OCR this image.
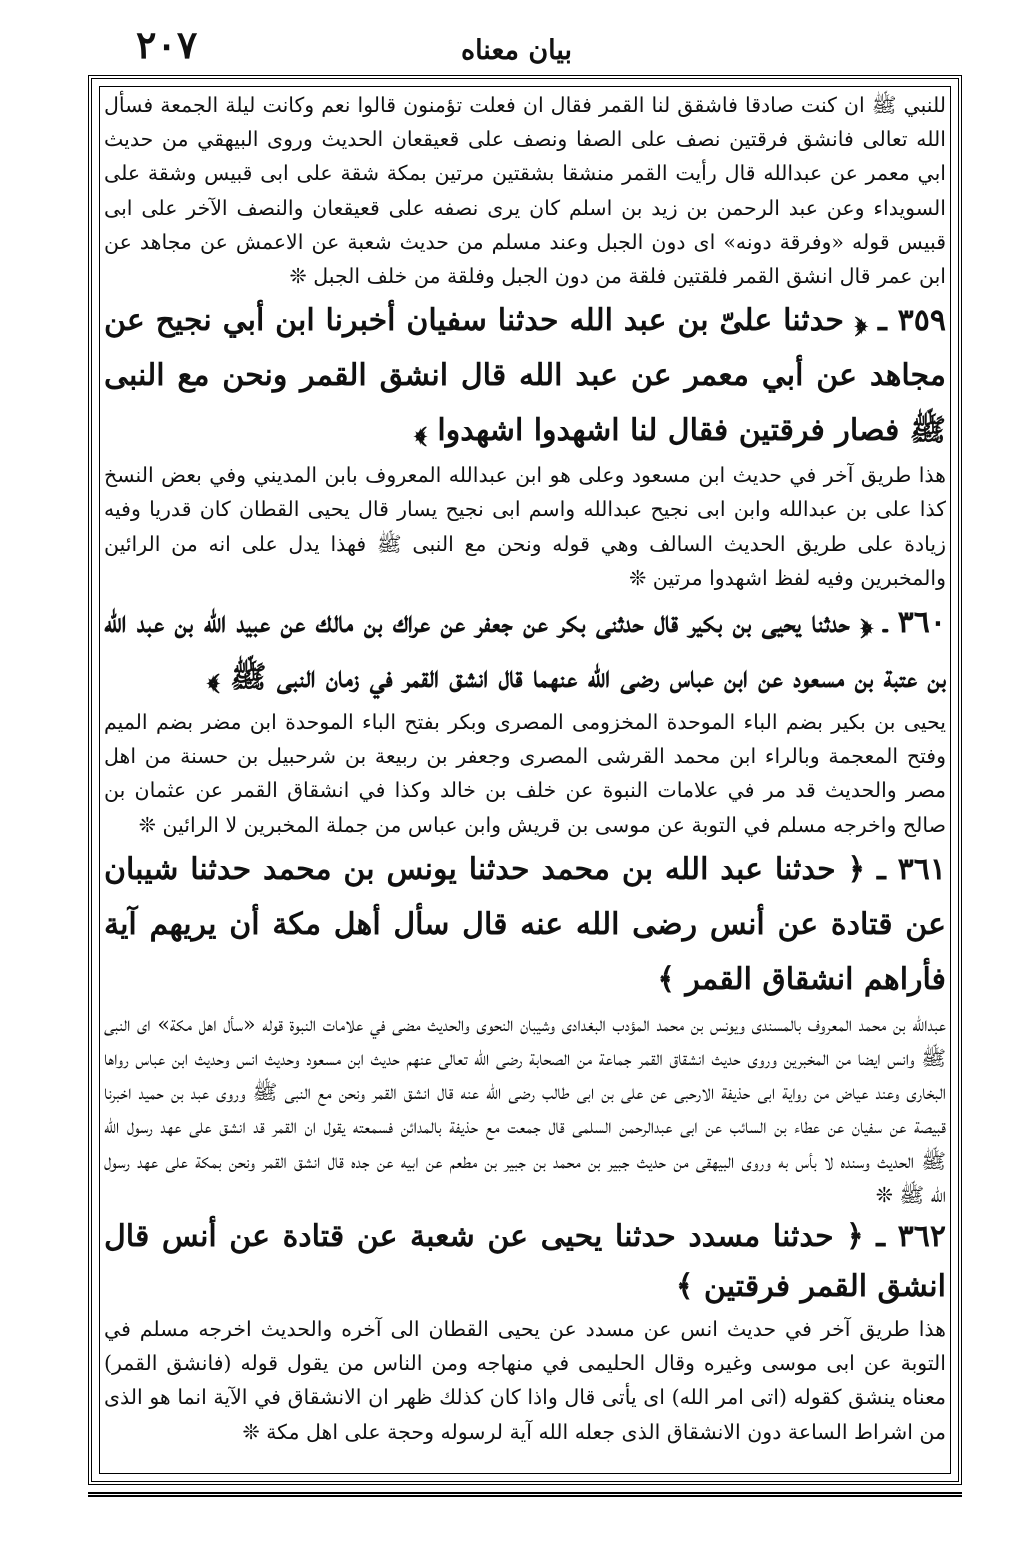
٢٠٧	بيان معناه

للنبي ﷺ ان كنت صادقا فاشقق لنا القمر فقال ان فعلت تؤمنون قالوا نعم وكانت ليلة الجمعة فسأل الله تعالى فانشق فرقتين نصف على الصفا ونصف على قعيقعان الحديث وروى البيهقي من حديث ابي معمر عن عبدالله قال رأيت القمر منشقا بشقتين مرتين بمكة شقة على ابى قبيس وشقة على السويداء وعن عبد الرحمن بن زيد بن اسلم كان يرى نصفه على قعيقعان والنصف الآخر على ابى قبيس قوله «وفرقة دونه» اى دون الجبل وعند مسلم من حديث شعبة عن الاعمش عن مجاهد عن ابن عمر قال انشق القمر فلقتين فلقة من دون الجبل وفلقة من خلف الجبل ❊

٣٥٩ ـ ﴿ حدثنا علىّ بن عبد الله حدثنا سفيان أخبرنا ابن أبي نجيح عن مجاهد عن أبي معمر عن عبد الله قال انشق القمر ونحن مع النبى ﷺ فصار فرقتين فقال لنا اشهدوا اشهدوا ﴾

هذا طريق آخر في حديث ابن مسعود وعلى هو ابن عبدالله المعروف بابن المديني وفي بعض النسخ كذا على بن عبدالله وابن ابى نجيح عبدالله واسم ابى نجيح يسار قال يحيى القطان كان قدريا وفيه زيادة على طريق الحديث السالف وهي قوله ونحن مع النبى ﷺ فهذا يدل على انه من الرائين والمخبرين وفيه لفظ اشهدوا مرتين ❊

٣٦٠ ـ ﴿ حدثنا يحيى بن بكير قال حدثنى بكر عن جعفر عن عراك بن مالك عن عبيد الله بن عبد الله بن عتبة بن مسعود عن ابن عباس رضى الله عنهما قال انشق القمر في زمان النبى ﷺ ﴾

يحيى بن بكير بضم الباء الموحدة المخزومى المصرى وبكر بفتح الباء الموحدة ابن مضر بضم الميم وفتح المعجمة وبالراء ابن محمد القرشى المصرى وجعفر بن ربيعة بن شرحبيل بن حسنة من اهل مصر والحديث قد مر في علامات النبوة عن خلف بن خالد وكذا في انشقاق القمر عن عثمان بن صالح واخرجه مسلم في التوبة عن موسى بن قريش وابن عباس من جملة المخبرين لا الرائين ❊

٣٦١ ـ ﴿ حدثنا عبد الله بن محمد حدثنا يونس بن محمد حدثنا شيبان عن قتادة عن أنس رضى الله عنه قال سأل أهل مكة أن يريهم آية فأراهم انشقاق القمر ﴾

عبدالله بن محمد المعروف بالمسندى ويونس بن محمد المؤدب البغدادى وشيبان النحوى والحديث مضى في علامات النبوة قوله «سأل اهل مكة» اى النبى ﷺ وانس ايضا من المخبرين وروى حديث انشقاق القمر جماعة من الصحابة رضى الله تعالى عنهم حديث ابن مسعود وحديث انس وحديث ابن عباس رواها البخارى وعند عياض من رواية ابى حذيفة الارحبى عن على بن ابى طالب رضى الله عنه قال انشق القمر ونحن مع النبى ﷺ وروى عبد بن حميد اخبرنا قبيصة عن سفيان عن عطاء بن السائب عن ابى عبدالرحمن السلمى قال جمعت مع حذيفة بالمدائن فسمعته يقول ان القمر قد انشق على عهد رسول الله ﷺ الحديث وسنده لا بأس به وروى البيهقى من حديث جبير بن محمد بن جبير بن مطعم عن ابيه عن جده قال انشق القمر ونحن بمكة على عهد رسول الله ﷺ ❊

٣٦٢ ـ ﴿ حدثنا مسدد حدثنا يحيى عن شعبة عن قتادة عن أنس قال انشق القمر فرقتين ﴾

هذا طريق آخر في حديث انس عن مسدد عن يحيى القطان الى آخره والحديث اخرجه مسلم في التوبة عن ابى موسى وغيره وقال الحليمى في منهاجه ومن الناس من يقول قوله (فانشق القمر) معناه ينشق كقوله (اتى امر الله) اى يأتى قال واذا كان كذلك ظهر ان الانشقاق في الآية انما هو الذى من اشراط الساعة دون الانشقاق الذى جعله الله آية لرسوله وحجة على اهل مكة ❊
